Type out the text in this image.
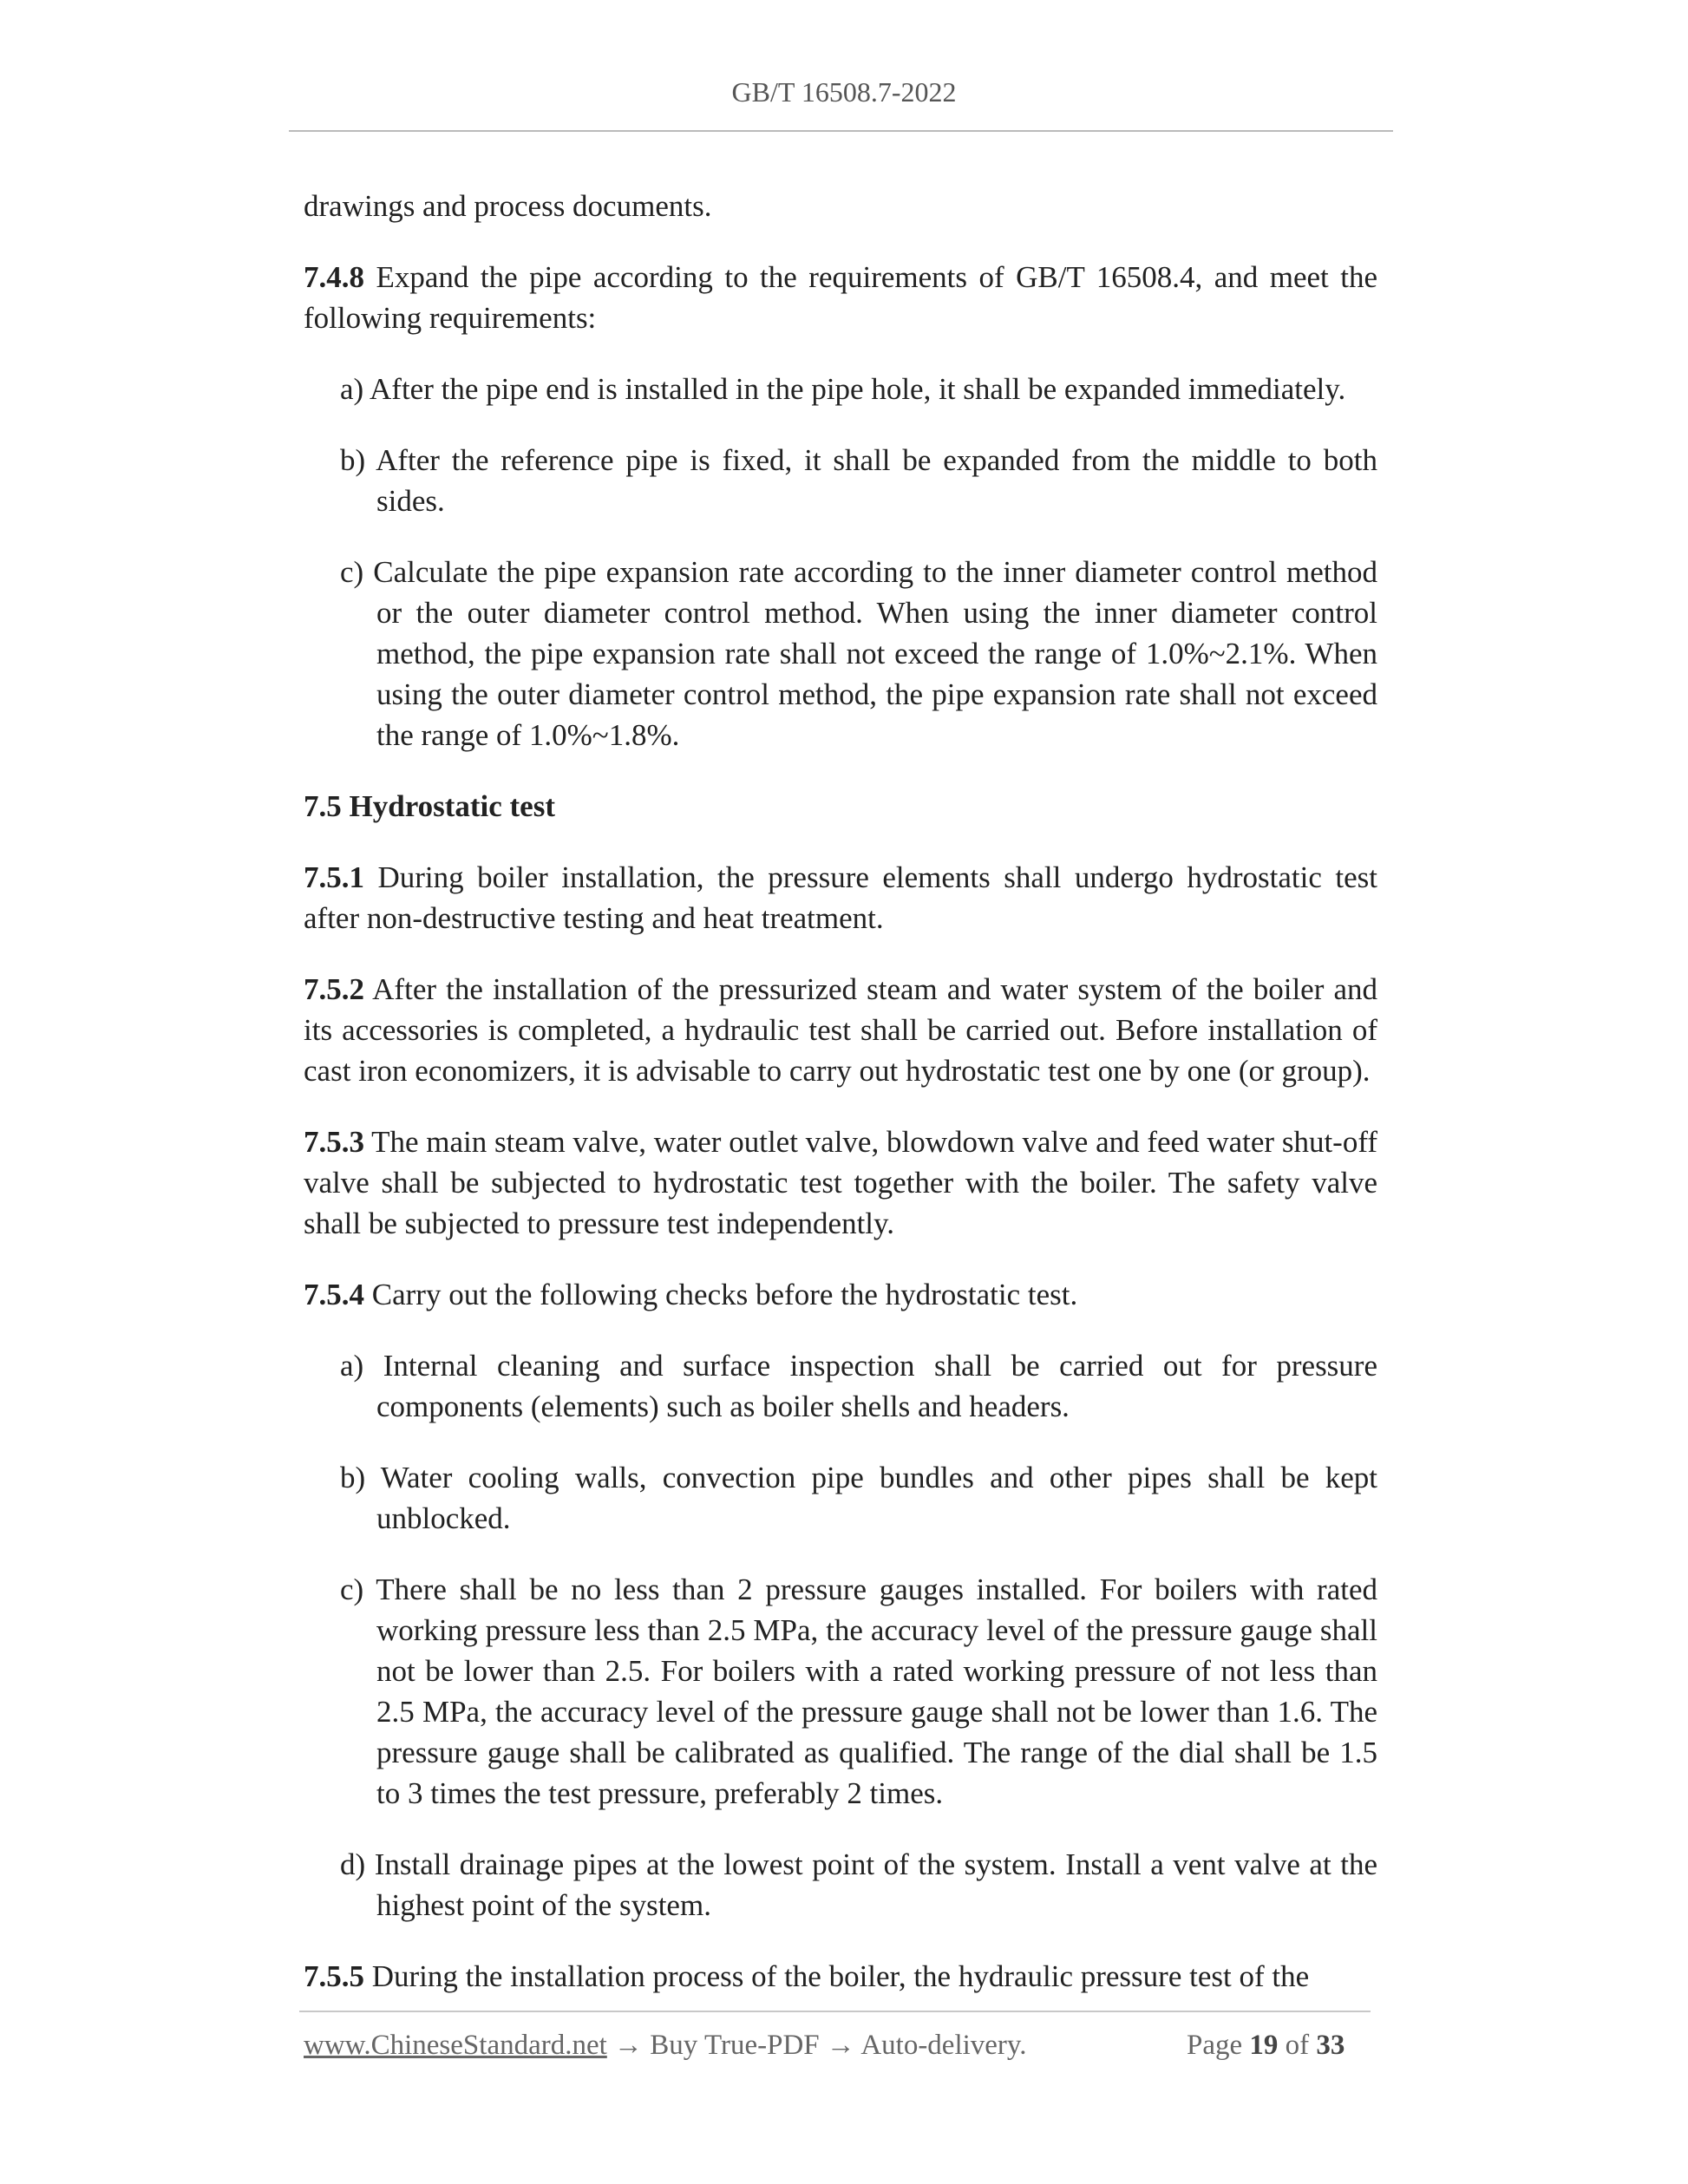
GB/T 16508.7-2022

drawings and process documents.

7.4.8 Expand the pipe according to the requirements of GB/T 16508.4, and meet the following requirements:

a) After the pipe end is installed in the pipe hole, it shall be expanded immediately.

b) After the reference pipe is fixed, it shall be expanded from the middle to both sides.

c) Calculate the pipe expansion rate according to the inner diameter control method or the outer diameter control method. When using the inner diameter control method, the pipe expansion rate shall not exceed the range of 1.0%~2.1%. When using the outer diameter control method, the pipe expansion rate shall not exceed the range of 1.0%~1.8%.

7.5 Hydrostatic test

7.5.1 During boiler installation, the pressure elements shall undergo hydrostatic test after non-destructive testing and heat treatment.

7.5.2 After the installation of the pressurized steam and water system of the boiler and its accessories is completed, a hydraulic test shall be carried out. Before installation of cast iron economizers, it is advisable to carry out hydrostatic test one by one (or group).

7.5.3 The main steam valve, water outlet valve, blowdown valve and feed water shut-off valve shall be subjected to hydrostatic test together with the boiler. The safety valve shall be subjected to pressure test independently.

7.5.4 Carry out the following checks before the hydrostatic test.

a) Internal cleaning and surface inspection shall be carried out for pressure components (elements) such as boiler shells and headers.

b) Water cooling walls, convection pipe bundles and other pipes shall be kept unblocked.

c) There shall be no less than 2 pressure gauges installed. For boilers with rated working pressure less than 2.5 MPa, the accuracy level of the pressure gauge shall not be lower than 2.5. For boilers with a rated working pressure of not less than 2.5 MPa, the accuracy level of the pressure gauge shall not be lower than 1.6. The pressure gauge shall be calibrated as qualified. The range of the dial shall be 1.5 to 3 times the test pressure, preferably 2 times.

d) Install drainage pipes at the lowest point of the system. Install a vent valve at the highest point of the system.

7.5.5 During the installation process of the boiler, the hydraulic pressure test of the

www.ChineseStandard.net → Buy True-PDF → Auto-delivery.	Page 19 of 33
